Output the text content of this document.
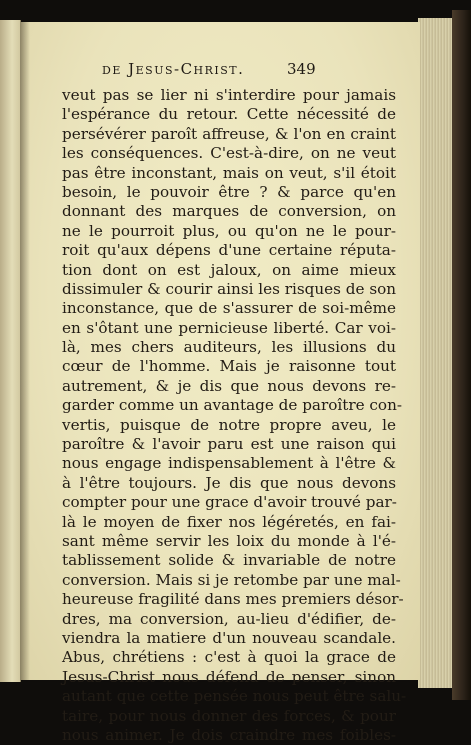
de Jesus-Christ.	349
veut pas se lier ni s'interdire pour jamais
l'espérance du retour. Cette nécessité de
persévérer paroît affreuse, & l'on en craint
les conséquences. C'est-à-dire, on ne veut
pas être inconstant, mais on veut, s'il étoit
besoin, le pouvoir être ? & parce qu'en
donnant des marques de conversion, on
ne le pourroit plus, ou qu'on ne le pour-
roit qu'aux dépens d'une certaine réputa-
tion dont on est jaloux, on aime mieux
dissimuler & courir ainsi les risques de son
inconstance, que de s'assurer de soi-même
en s'ôtant une pernicieuse liberté. Car voi-
là, mes chers auditeurs, les illusions du
cœur de l'homme. Mais je raisonne tout
autrement, & je dis que nous devons re-
garder comme un avantage de paroître con-
vertis, puisque de notre propre aveu, le
paroître & l'avoir paru est une raison qui
nous engage indispensablement à l'être &
à l'être toujours. Je dis que nous devons
compter pour une grace d'avoir trouvé par-
là le moyen de fixer nos légéretés, en fai-
sant même servir les loix du monde à l'é-
tablissement solide & invariable de notre
conversion. Mais si je retombe par une mal-
heureuse fragilité dans mes premiers désor-
dres, ma conversion, au-lieu d'édifier, de-
viendra la matiere d'un nouveau scandale.
Abus, chrétiens : c'est à quoi la grace de
Jesus-Christ nous défend de penser, sinon
autant que cette pensée nous peut être salu-
taire, pour nous donner des forces, & pour
nous animer. Je dois craindre mes foibles-
